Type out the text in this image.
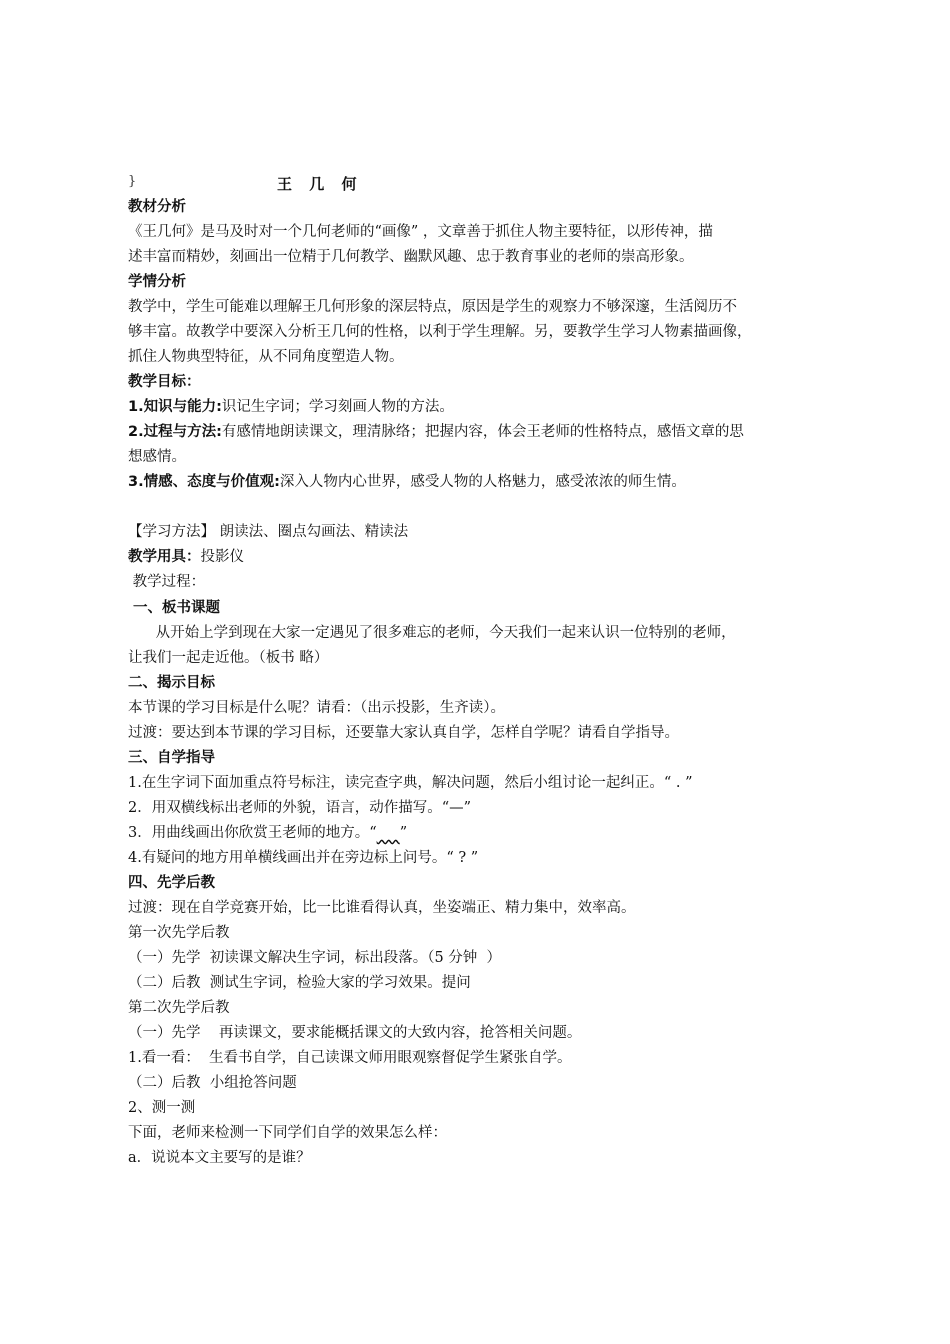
}	王 几 何
教材分析
《王几何》是马及时对一个几何老师的“画像” ，文章善于抓住人物主要特征，以形传神，描
述丰富而精妙，刻画出一位精于几何教学、幽默风趣、忠于教育事业的老师的崇高形象。
学情分析
教学中，学生可能难以理解王几何形象的深层特点，原因是学生的观察力不够深邃，生活阅历不
够丰富。故教学中要深入分析王几何的性格，以利于学生理解。另，要教学生学习人物素描画像，
抓住人物典型特征，从不同角度塑造人物。
教学目标：
1.知识与能力:识记生字词；学习刻画人物的方法。
2.过程与方法:有感情地朗读课文，理清脉络；把握内容，体会王老师的性格特点，感悟文章的思
想感情。
3.情感、态度与价值观:深入人物内心世界，感受人物的人格魅力，感受浓浓的师生情。
【学习方法】 朗读法、圈点勾画法、精读法
教学用具：投影仪
教学过程：
一、板书课题
从开始上学到现在大家一定遇见了很多难忘的老师，今天我们一起来认识一位特别的老师，
让我们一起走近他。（板书 略）
二、揭示目标
本节课的学习目标是什么呢？请看：（出示投影，生齐读）。
过渡：要达到本节课的学习目标，还要靠大家认真自学，怎样自学呢？请看自学指导。
三、自学指导
1.在生字词下面加重点符号标注，读完查字典，解决问题，然后小组讨论一起纠正。“ . ”
2．用双横线标出老师的外貌，语言，动作描写。“—”
3．用曲线画出你欣赏王老师的地方。“ ”
4.有疑问的地方用单横线画出并在旁边标上问号。“ ? ”
四、先学后教
过渡：现在自学竞赛开始，比一比谁看得认真，坐姿端正、精力集中，效率高。
第一次先学后教
（一）先学  初读课文解决生字词，标出段落。（5 分钟  ）
（二）后教  测试生字词，检验大家的学习效果。提问
第二次先学后教
（一）先学    再读课文，要求能概括课文的大致内容，抢答相关问题。
1.看一看：  生看书自学，自己读课文师用眼观察督促学生紧张自学。
（二）后教  小组抢答问题
2、测一测
下面，老师来检测一下同学们自学的效果怎么样：
a．说说本文主要写的是谁？
